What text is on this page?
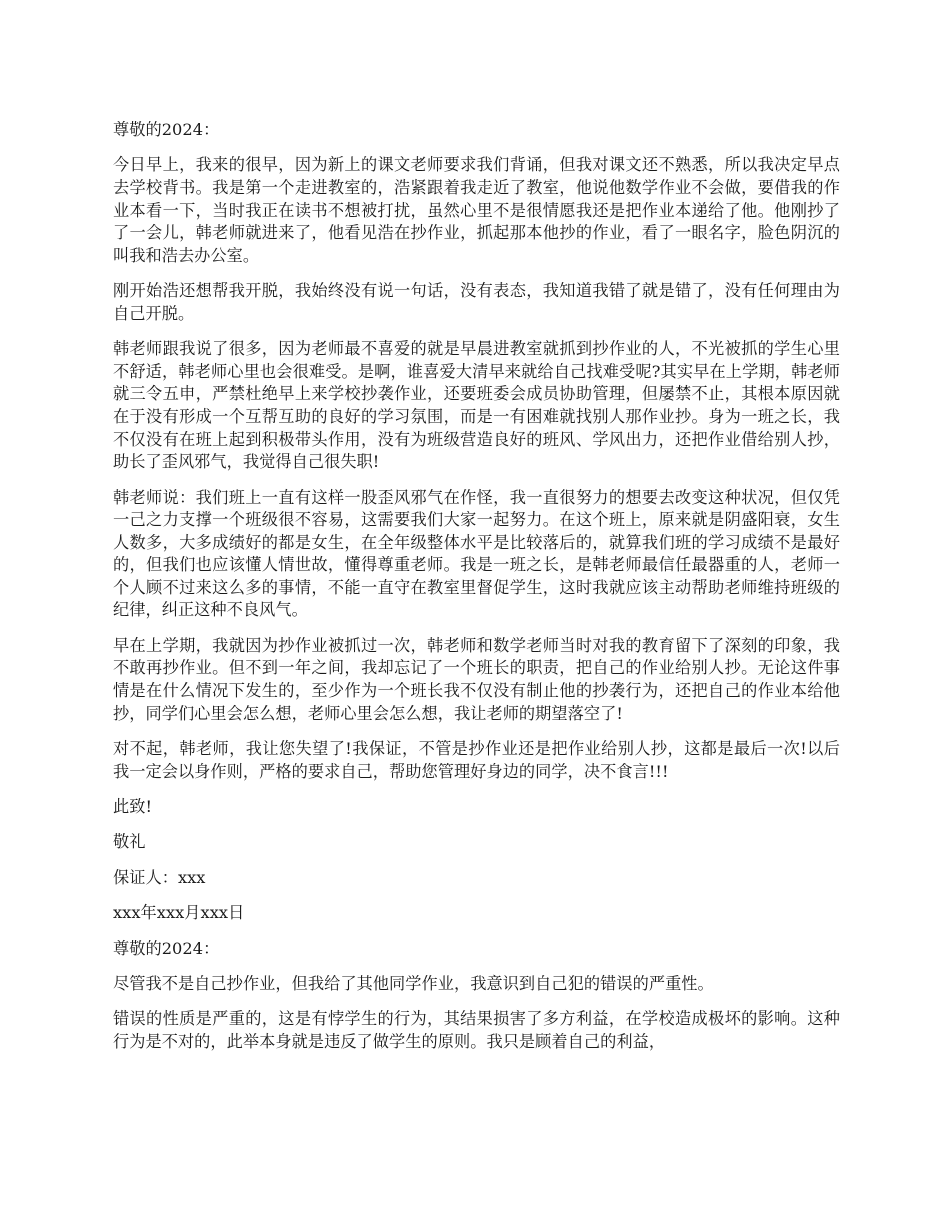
尊敬的2024：

今日早上，我来的很早，因为新上的课文老师要求我们背诵，但我对课文还不熟悉，所以我决定早点去学校背书。我是第一个走进教室的，浩紧跟着我走近了教室，他说他数学作业不会做，要借我的作业本看一下，当时我正在读书不想被打扰，虽然心里不是很情愿我还是把作业本递给了他。他刚抄了了一会儿，韩老师就进来了，他看见浩在抄作业，抓起那本他抄的作业，看了一眼名字，脸色阴沉的叫我和浩去办公室。

刚开始浩还想帮我开脱，我始终没有说一句话，没有表态，我知道我错了就是错了，没有任何理由为自己开脱。

韩老师跟我说了很多，因为老师最不喜爱的就是早晨进教室就抓到抄作业的人，不光被抓的学生心里不舒适，韩老师心里也会很难受。是啊，谁喜爱大清早来就给自己找难受呢?其实早在上学期，韩老师就三令五申，严禁杜绝早上来学校抄袭作业，还要班委会成员协助管理，但屡禁不止，其根本原因就在于没有形成一个互帮互助的良好的学习氛围，而是一有困难就找别人那作业抄。身为一班之长，我不仅没有在班上起到积极带头作用，没有为班级营造良好的班风、学风出力，还把作业借给别人抄，助长了歪风邪气，我觉得自己很失职!

韩老师说：我们班上一直有这样一股歪风邪气在作怪，我一直很努力的想要去改变这种状况，但仅凭一己之力支撑一个班级很不容易，这需要我们大家一起努力。在这个班上，原来就是阴盛阳衰，女生人数多，大多成绩好的都是女生，在全年级整体水平是比较落后的，就算我们班的学习成绩不是最好的，但我们也应该懂人情世故，懂得尊重老师。我是一班之长，是韩老师最信任最器重的人，老师一个人顾不过来这么多的事情，不能一直守在教室里督促学生，这时我就应该主动帮助老师维持班级的纪律，纠正这种不良风气。

早在上学期，我就因为抄作业被抓过一次，韩老师和数学老师当时对我的教育留下了深刻的印象，我不敢再抄作业。但不到一年之间，我却忘记了一个班长的职责，把自己的作业给别人抄。无论这件事情是在什么情况下发生的，至少作为一个班长我不仅没有制止他的抄袭行为，还把自己的作业本给他抄，同学们心里会怎么想，老师心里会怎么想，我让老师的期望落空了!

对不起，韩老师，我让您失望了!我保证，不管是抄作业还是把作业给别人抄，这都是最后一次!以后我一定会以身作则，严格的要求自己，帮助您管理好身边的同学，决不食言!!!

此致!

敬礼

保证人：xxx

xxx年xxx月xxx日

尊敬的2024：

尽管我不是自己抄作业，但我给了其他同学作业，我意识到自己犯的错误的严重性。

错误的性质是严重的，这是有悖学生的行为，其结果损害了多方利益，在学校造成极坏的影响。这种行为是不对的，此举本身就是违反了做学生的原则。我只是顾着自己的利益，
